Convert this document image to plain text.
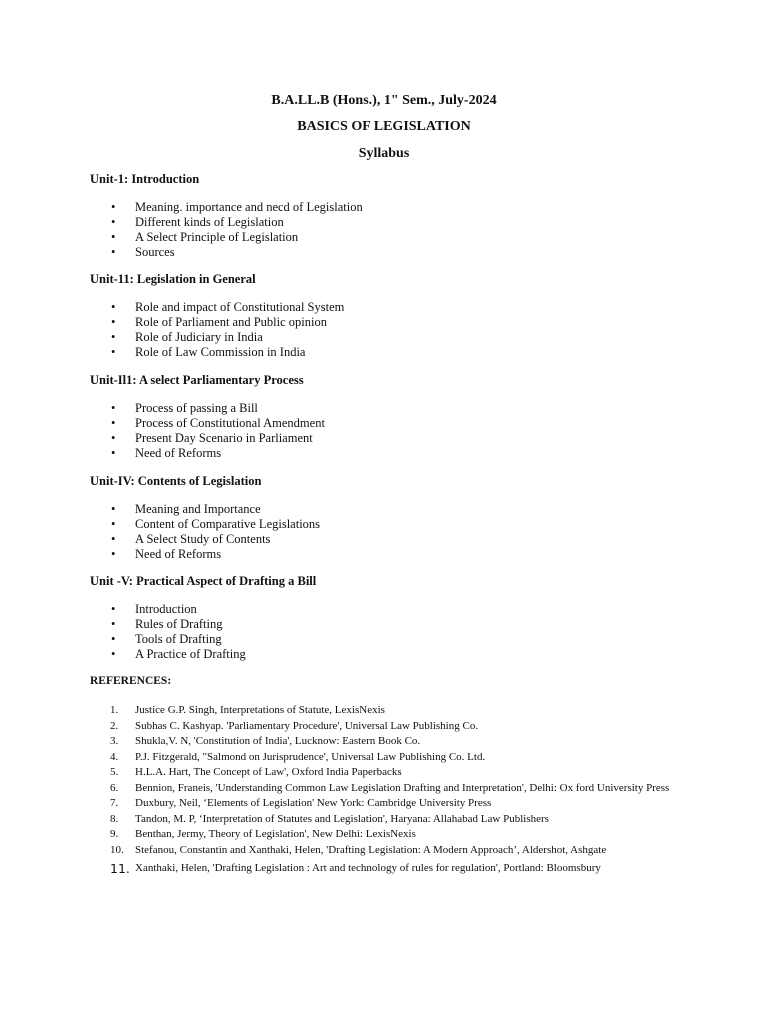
B.A.LL.B (Hons.), 1" Sem., July-2024
BASICS OF LEGISLATION
Syllabus
Unit-1: Introduction
• Meaning. importance and necd of Legislation
• Different kinds of Legislation
• A Select Principle of Legislation
• Sources
Unit-11: Legislation in General
• Role and impact of Constitutional System
• Role of Parliament and Public opinion
• Role of Judiciary in India
• Role of Law Commission in India
Unit-Il1: A select Parliamentary Process
• Process of passing a Bill
• Process of Constitutional Amendment
• Present Day Scenario in Parliament
• Need of Reforms
Unit-IV: Contents of Legislation
• Meaning and Importance
• Content of Comparative Legislations
• A Select Study of Contents
• Need of Reforms
Unit -V: Practical Aspect of Drafting a Bill
• Introduction
• Rules of Drafting
• Tools of Drafting
• A Practice of Drafting
REFERENCES:
1. Justice G.P. Singh, Interpretations of Statute, LexisNexis
2. Subhas C. Kashyap. 'Parliamentary Procedure', Universal Law Publishing Co.
3. Shukla,V. N, 'Constitution of India', Lucknow: Eastern Book Co.
4. P.J. Fitzgerald, "Salmond on Jurisprudence', Universal Law Publishing Co. Ltd.
5. H.L.A. Hart, The Concept of Law', Oxford India Paperbacks
6. Bennion, Franeis, 'Understanding Common Law Legislation Drafting and Interpretation', Delhi: Ox ford University Press
7. Duxbury, Neil, ‘Elements of Legislation' New York: Cambridge University Press
8. Tandon, M. P, ‘Interpretation of Statutes and Legislation', Haryana: Allahabad Law Publishers
9. Benthan, Jermy, Theory of Legislation', New Delhi: LexisNexis
10. Stefanou, Constantin and Xanthaki, Helen, 'Drafting Legislation: A Modern Approach’, Aldershot, Ashgate
11. Xanthaki, Helen, 'Drafting Legislation : Art and technology of rules for regulation', Portland: Bloomsbury
